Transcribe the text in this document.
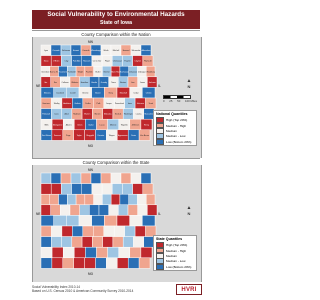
Social Vulnerability to Environmental Hazards
State of Iowa
County Comparison within the Nation
Lyon Osceola	Dickinson Emmet Kossuth Winnebago Worth Mitchell Howard Winneshie Allamakee
Sioux O'Brien	Clay Palo Alto Hancock Cerro Gor Floyd Chickasaw	Fayette Clayton Plymouth
Cherokee Buena Vis Pocahonta Humboldt Wright Franklin Butler Bremer Black Haw Buchanan Delaware Dubuque Woodbury
Ida	Sac Calhoun Webster Hamilton Hardin Grundy Tama	Benton	Linn	Jones Jackson
Monona	Crawford	Carroll	Greene	Boone	Story	Marshall	Cedar	Clinton
Harrison Shelby Audubon Guthrie Dallas	Polk	Jasper Poweshiek Iowa	Johnson Scott
Pottawatt Cass	Adair Madison Warren Marion Mahaska	Keokuk Washingto Louisa	Muscatine
Mills Montgomer Adams	Union	Clarke	Lucas	Monroe Wapello Jefferson Henry
Des Moine Fremont	Page	Taylor Ringgold Decatur Wayne Appanoose Davis Van Buren
NE	IL
MO
MN
▲
N
0 25 50 100 Miles
National Quantiles
High (Top 20%)
Medium - High
Medium
Medium - Low
Low (Bottom 20%)
County Comparison within the State
NE	IL
MO
MN
▲
N
State Quantiles
High (Top 20%)
Medium - High
Medium
Medium - Low
Low (Bottom 20%)
Social Vulnerability Index 2010-14
Based on U.S. Census 2010 & American Community Survey 2010-2014	HVRI
